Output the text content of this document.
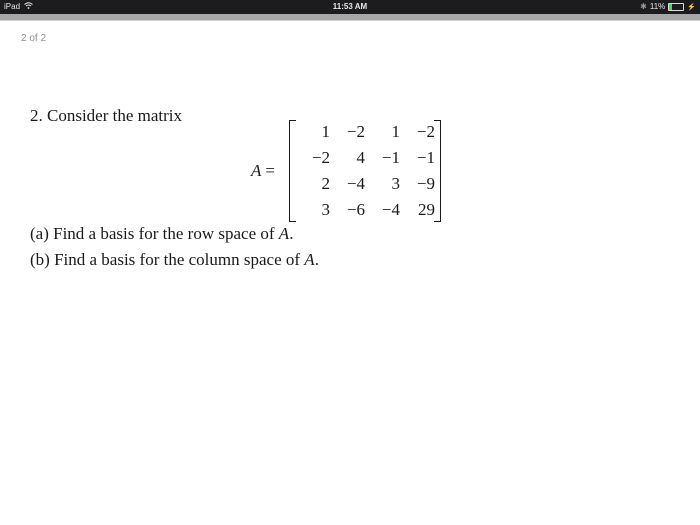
iPad	11:53 AM	✱ 11%	⚡
2 of 2
2. Consider the matrix
A =
1 −2	1 −2
−2	4 −1 −1
2 −4	3 −9
3 −6 −4	29
(a) Find a basis for the row space of A.
(b) Find a basis for the column space of A.
